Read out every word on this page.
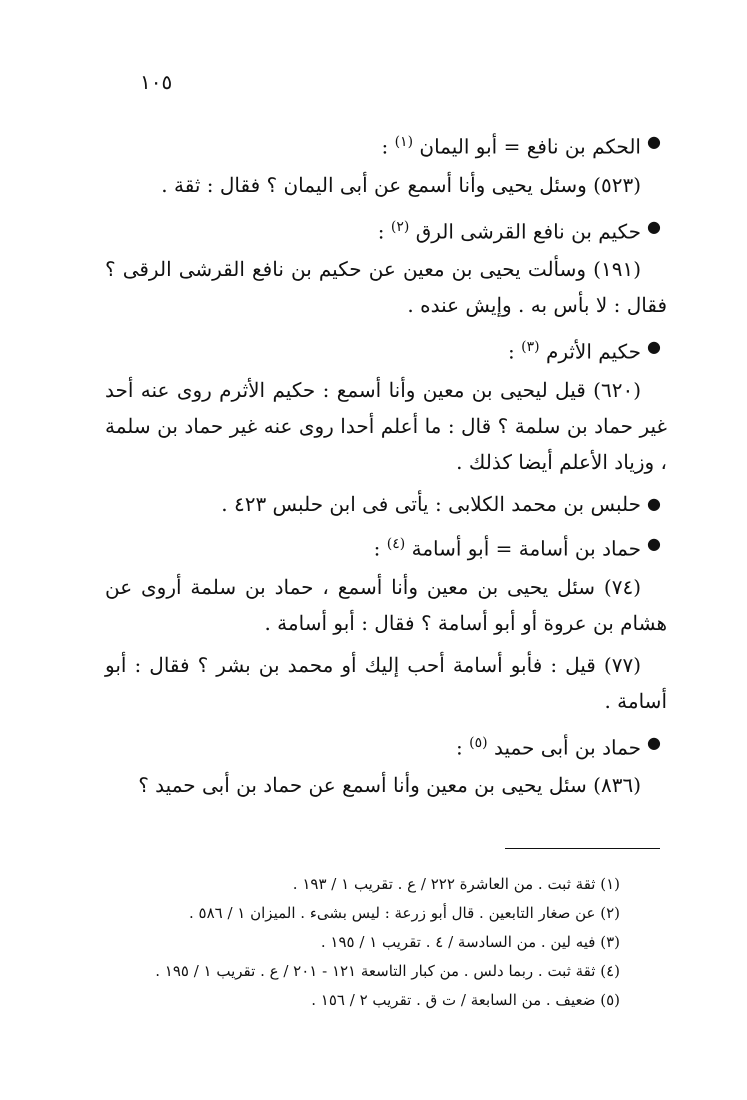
١٠٥
●
الحكم بن نافع = أبو اليمان $^{(١)}$ :

(٥٢٣) وسئل يحيى وأنا أسمع عن أبى اليمان ؟ فقال : ثقة .

●
حكيم بن نافع القرشى الرق $^{(٢)}$ :

(١٩١) وسألت يحيى بن معين عن حكيم بن نافع القرشى الرقى ؟ فقال : لا بأس به . وإيش عنده .

●
حكيم الأثرم $^{(٣)}$ :

(٦٢٠) قيل ليحيى بن معين وأنا أسمع : حكيم الأثرم روى عنه أحد غير حماد بن سلمة ؟ قال : ما أعلم أحدا روى عنه غير حماد بن سلمة ، وزياد الأعلم أيضا كذلك .

●
حلبس بن محمد الكلابى : يأتى فى ابن حلبس ٤٢٣ .
●
حماد بن أسامة = أبو أسامة $^{(٤)}$ :

(٧٤) سئل يحيى بن معين وأنا أسمع ، حماد بن سلمة أروى عن هشام بن عروة أو أبو أسامة ؟ فقال : أبو أسامة .

(٧٧) قيل : فأبو أسامة أحب إليك أو محمد بن بشر ؟ فقال : أبو أسامة .

●
حماد بن أبى حميد $^{(٥)}$ :

(٨٣٦) سئل يحيى بن معين وأنا أسمع عن حماد بن أبى حميد ؟

(١) ثقة ثبت . من العاشرة ٢٢٢ / ع . تقريب ١ / ١٩٣ .
(٢) عن صغار التابعين . قال أبو زرعة : ليس بشىء . الميزان ١ / ٥٨٦ .
(٣) فيه لين . من السادسة / ٤ . تقريب ١ / ١٩٥ .
(٤) ثقة ثبت . ربما دلس . من كبار التاسعة ١٢١ - ٢٠١ / ع . تقريب ١ / ١٩٥ .
(٥) ضعيف . من السابعة / ت ق . تقريب ٢ / ١٥٦ .
